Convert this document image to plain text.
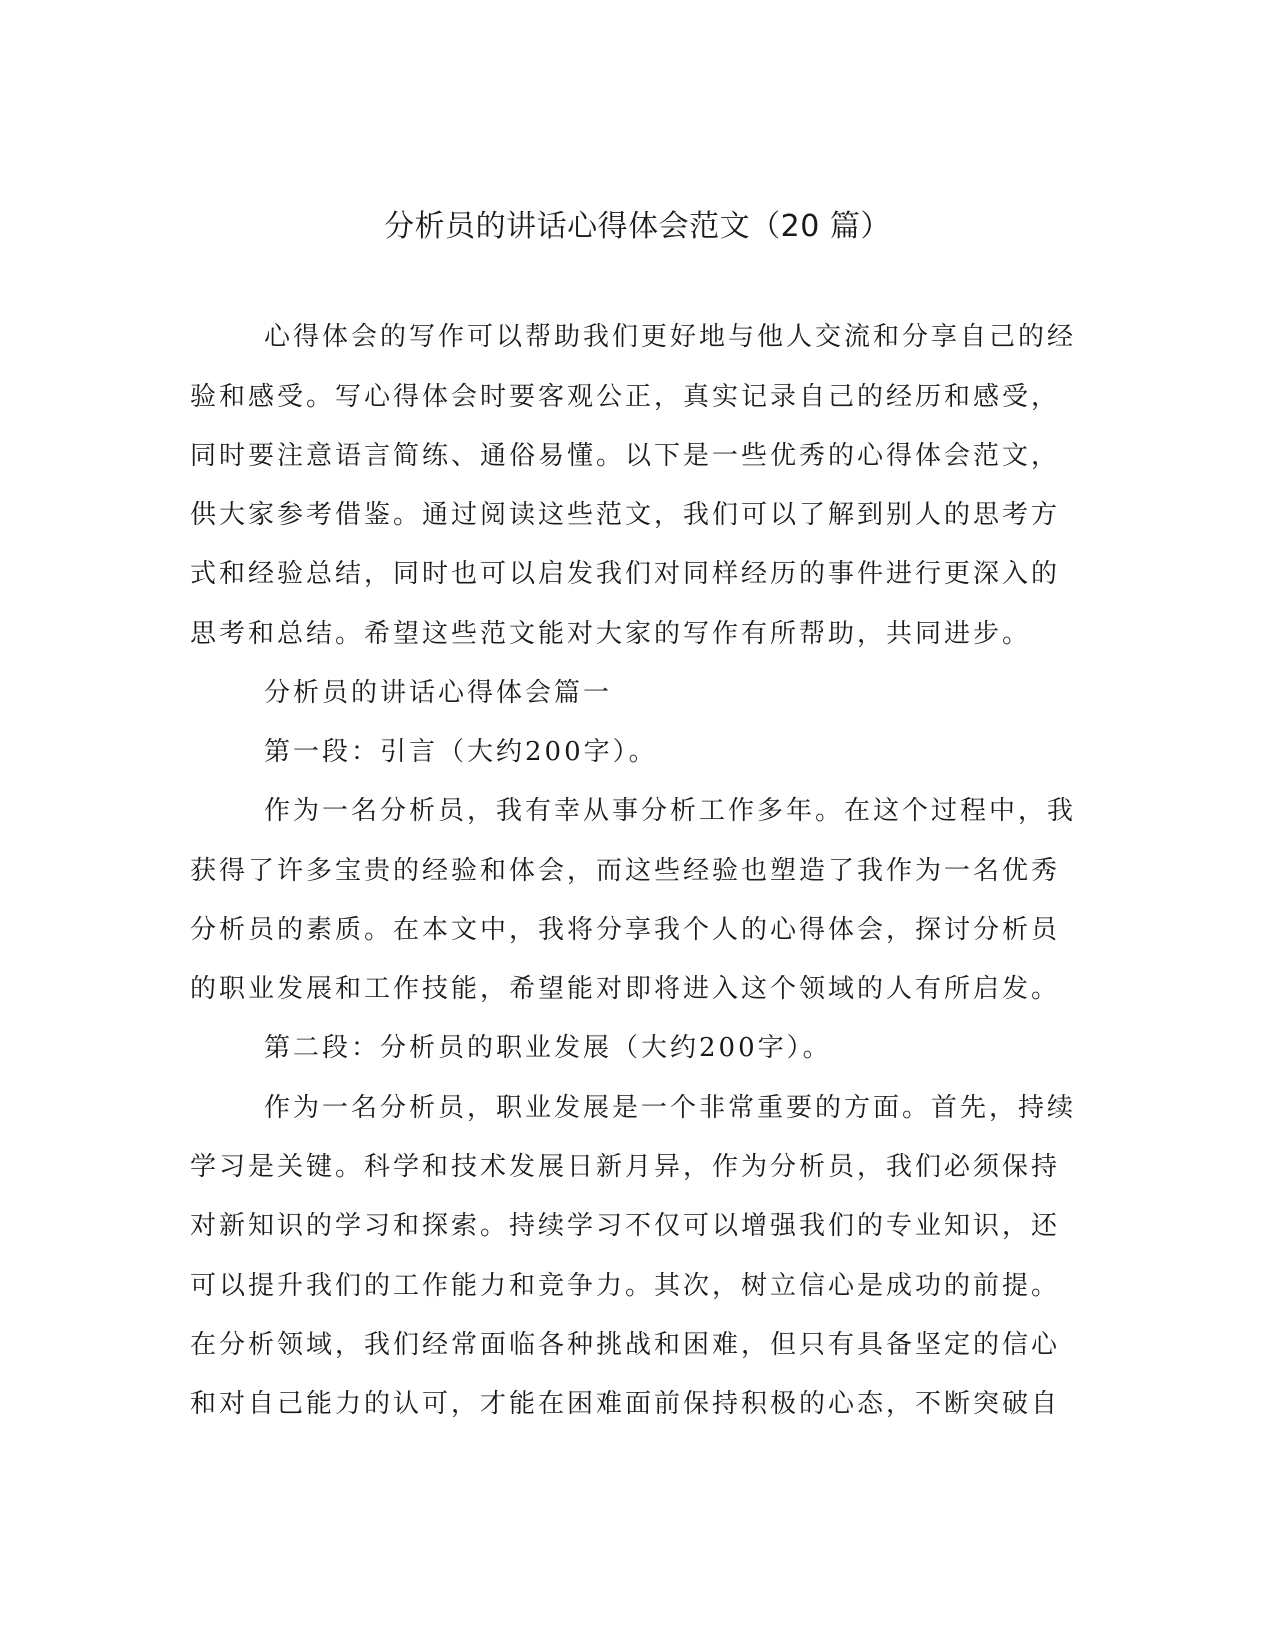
分析员的讲话心得体会范文（20 篇）
心得体会的写作可以帮助我们更好地与他人交流和分享自己的经
验和感受。写心得体会时要客观公正，真实记录自己的经历和感受，
同时要注意语言简练、通俗易懂。以下是一些优秀的心得体会范文，
供大家参考借鉴。通过阅读这些范文，我们可以了解到别人的思考方
式和经验总结，同时也可以启发我们对同样经历的事件进行更深入的
思考和总结。希望这些范文能对大家的写作有所帮助，共同进步。
分析员的讲话心得体会篇一
第一段：引言（大约200字）。
作为一名分析员，我有幸从事分析工作多年。在这个过程中，我
获得了许多宝贵的经验和体会，而这些经验也塑造了我作为一名优秀
分析员的素质。在本文中，我将分享我个人的心得体会，探讨分析员
的职业发展和工作技能，希望能对即将进入这个领域的人有所启发。
第二段：分析员的职业发展（大约200字）。
作为一名分析员，职业发展是一个非常重要的方面。首先，持续
学习是关键。科学和技术发展日新月异，作为分析员，我们必须保持
对新知识的学习和探索。持续学习不仅可以增强我们的专业知识，还
可以提升我们的工作能力和竞争力。其次，树立信心是成功的前提。
在分析领域，我们经常面临各种挑战和困难，但只有具备坚定的信心
和对自己能力的认可，才能在困难面前保持积极的心态，不断突破自
